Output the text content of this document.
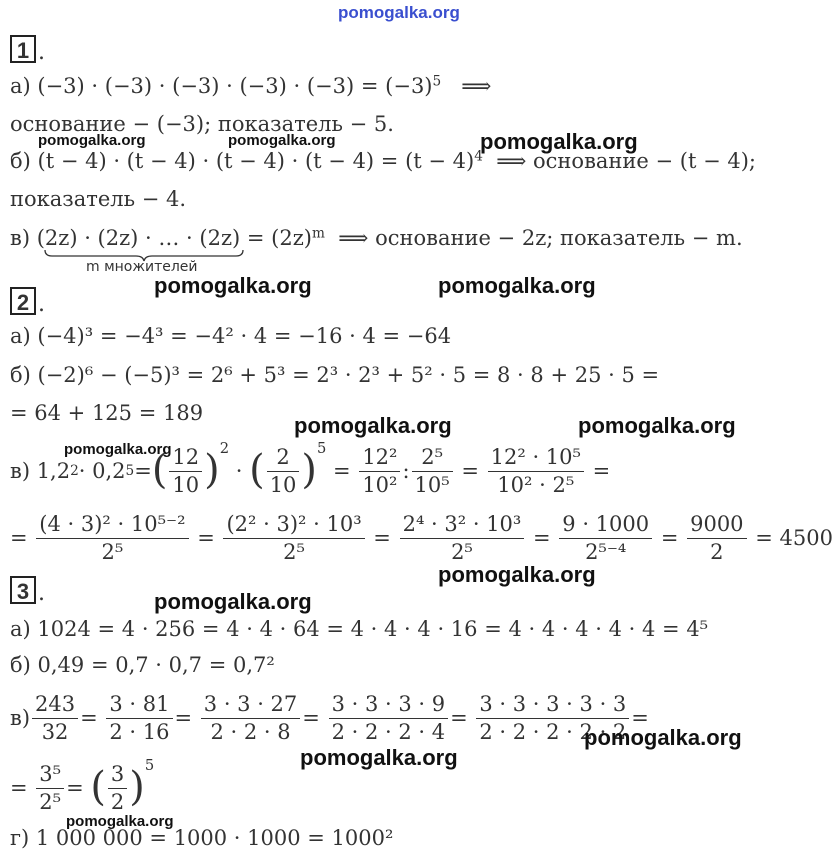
pomogalka.org
1 .
а) $(-3) \cdot (-3) \cdot (-3) \cdot (-3) \cdot (-3) = (-3)^5$ ⟹
основание − (−3); показатель − 5.
б) $(t - 4) \cdot (t - 4) \cdot (t - 4) \cdot (t - 4) = (t - 4)^4$ ⟹ основание − (t − 4);
показатель − 4.
в) (2z) · (2z) · … · $(2z) = (2z)^m$ ⟹ основание − 2z; показатель − m.
m множителей
2 .
а) (−4)³ = −4³ = −4² · 4 = −16 · 4 = −64
б) (−2)⁶ − (−5)³ = 2⁶ + 5³ = 2³ · 2³ + 5² · 5 = 8 · 8 + 25 · 5 =
= 64 + 125 = 189
в) 1,2 2 · 0,2 5 = ( $\frac{12}{10}$ ) 2
· ( $\frac{2}{10}$ ) 5
= $\frac{\text{12²}}{\text{10²}}$ : $\frac{\text{2⁵}}{\text{10⁵}} = \frac{\text{12² · 10⁵}}{\text{10² · 2⁵}}$ =
=
$\frac{\text{(4 · 3)² · 10⁵⁻²}}{\text{2⁵}} = \frac{\text{(2² · 3)² · 10³}}{\text{2⁵}} = \frac{\text{2⁴ · 3² · 10³}}{\text{2⁵}} = \frac{9 \cdot 1000}{\text{2⁵⁻⁴}} = \frac{9000}{2}$
= 4500
3 .
а) 1024 = 4 · 256 = 4 · 4 · 64 = 4 · 4 · 4 · 16 = 4 · 4 · 4 · 4 · 4 = 4⁵
б) 0,49 = 0,7 · 0,7 = 0,7²
$в) \frac{243}{32} = \frac{3 \cdot 81}{2 \cdot 16} = \frac{3 \cdot 3 \cdot 27}{2 \cdot 2 \cdot 8} = \frac{3 \cdot 3 \cdot 3 \cdot 9}{2 \cdot 2 \cdot 2 \cdot 4} = \frac{3 \cdot 3 \cdot 3 \cdot 3 \cdot 3}{2 \cdot 2 \cdot 2 \cdot 2 \cdot 2}$ =
= $\frac{\text{3⁵}}{\text{2⁵}}$ = ( $\frac{3}{2}$ ) 5
г) 1 000 000 = 1000 · 1000 = 1000²
pomogalka.org	pomogalka.org	pomogalka.org
pomogalka.org	pomogalka.org
pomogalka.org	pomogalka.org
pomogalka.org
pomogalka.org
pomogalka.org
pomogalka.org
pomogalka.org
pomogalka.org
